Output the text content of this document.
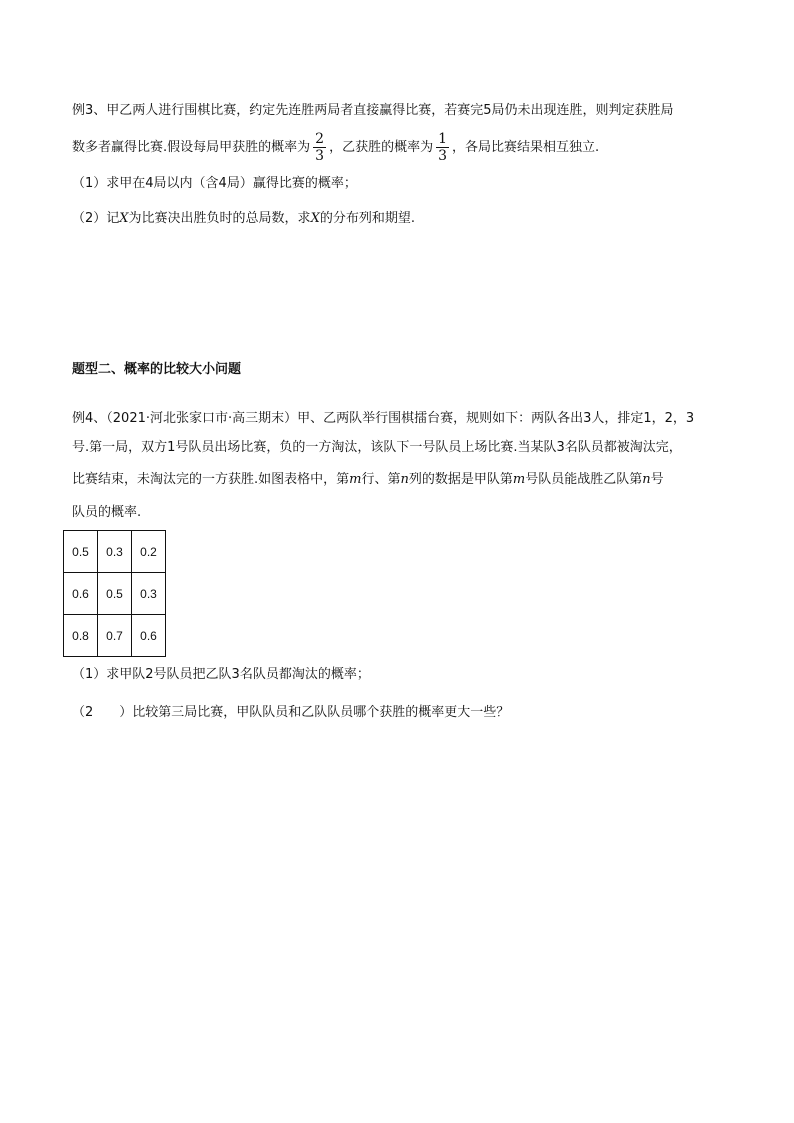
例3、甲乙两人进行围棋比赛，约定先连胜两局者直接赢得比赛，若赛完5局仍未出现连胜，则判定获胜局
数多者赢得比赛.假设每局甲获胜的概率为 $\frac{2}{3}$ ，乙获胜的概率为 $\frac{1}{3}$ ，各局比赛结果相互独立.
（1）求甲在4局以内（含4局）赢得比赛的概率；
（2）记X为比赛决出胜负时的总局数，求X的分布列和期望.
题型二、概率的比较大小问题
例4、（2021·河北张家口市·高三期末）甲、乙两队举行围棋擂台赛，规则如下：两队各出3人，排定1，2，3
号.第一局，双方1号队员出场比赛，负的一方淘汰，该队下一号队员上场比赛.当某队3名队员都被淘汰完，
比赛结束，未淘汰完的一方获胜.如图表格中，第m行、第n列的数据是甲队第m号队员能战胜乙队第n号
队员的概率.
0.5	0.3	0.2
0.6	0.5	0.3
0.8	0.7	0.6
（1）求甲队2号队员把乙队3名队员都淘汰的概率；
（2　　）比较第三局比赛，甲队队员和乙队队员哪个获胜的概率更大一些？
